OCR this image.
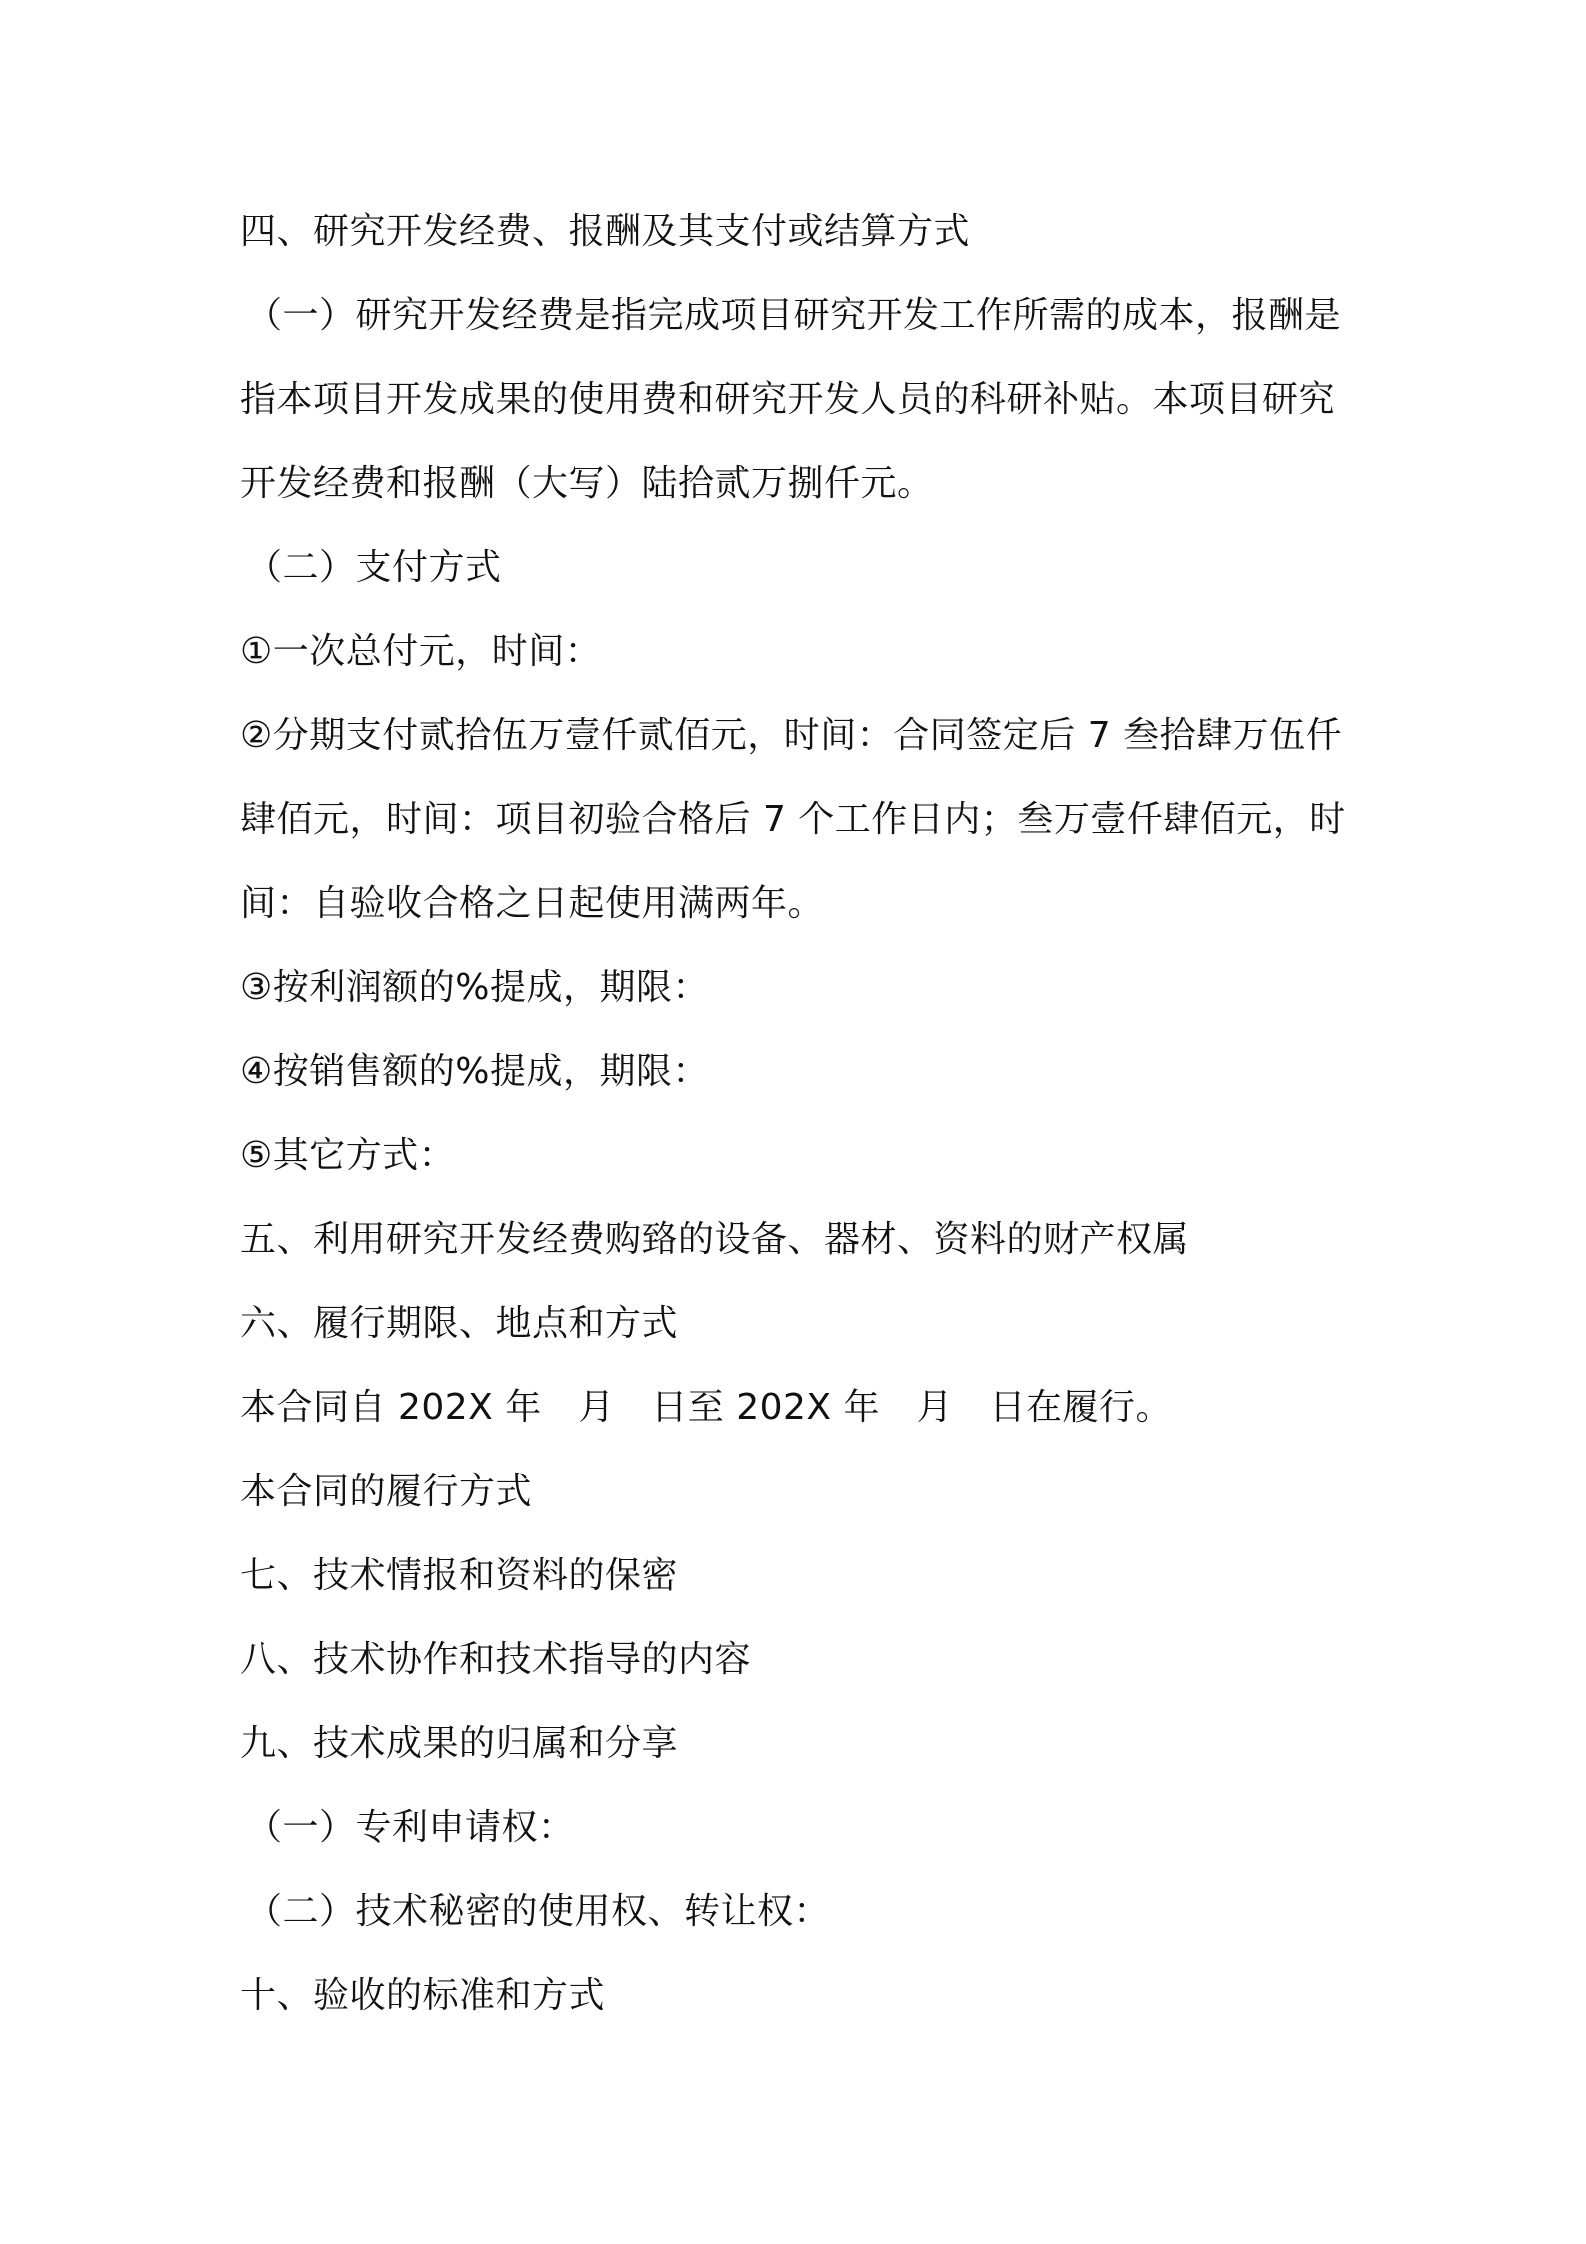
四、研究开发经费、报酬及其支付或结算方式

（一）研究开发经费是指完成项目研究开发工作所需的成本，报酬是

指本项目开发成果的使用费和研究开发人员的科研补贴。本项目研究

开发经费和报酬（大写）陆拾贰万捌仟元。

（二）支付方式

①一次总付元，时间：

②分期支付贰拾伍万壹仟贰佰元，时间：合同签定后 7 叁拾肆万伍仟

肆佰元，时间：项目初验合格后 7 个工作日内；叁万壹仟肆佰元，时

间：自验收合格之日起使用满两年。

③按利润额的%提成，期限：

④按销售额的%提成，期限：

⑤其它方式：

五、利用研究开发经费购臵的设备、器材、资料的财产权属

六、履行期限、地点和方式

本合同自 202X 年　月　日至 202X 年　月　日在履行。

本合同的履行方式

七、技术情报和资料的保密

八、技术协作和技术指导的内容

九、技术成果的归属和分享

（一）专利申请权：

（二）技术秘密的使用权、转让权：

十、验收的标准和方式
